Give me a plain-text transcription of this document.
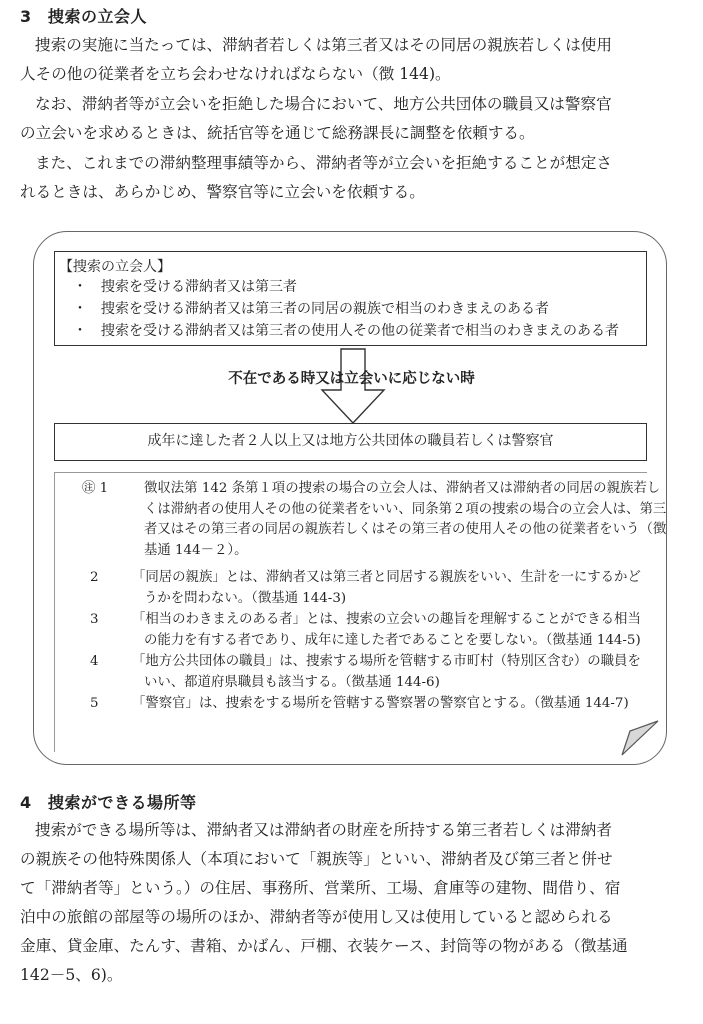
3 捜索の立会人
捜索の実施に当たっては、滞納者若しくは第三者又はその同居の親族若しくは使用
人その他の従業者を立ち会わせなければならない（徴 144)。
なお、滞納者等が立会いを拒絶した場合において、地方公共団体の職員又は警察官
の立会いを求めるときは、統括官等を通じて総務課長に調整を依頼する。
また、これまでの滞納整理事績等から、滞納者等が立会いを拒絶することが想定さ
れるときは、あらかじめ、警察官等に立会いを依頼する。
【捜索の立会人】
・ 捜索を受ける滞納者又は第三者
・ 捜索を受ける滞納者又は第三者の同居の親族で相当のわきまえのある者
・ 捜索を受ける滞納者又は第三者の使用人その他の従業者で相当のわきまえのある者
不在である時又は立会いに応じない時
成年に達した者２人以上又は地方公共団体の職員若しくは警察官
㊟ 1	徴収法第 142 条第１項の捜索の場合の立会人は、滞納者又は滞納者の同居の親族若し
くは滞納者の使用人その他の従業者をいい、同条第２項の捜索の場合の立会人は、第三
者又はその第三者の同居の親族若しくはその第三者の使用人その他の従業者をいう（徴
基通 144－２）。
2	「同居の親族」とは、滞納者又は第三者と同居する親族をいい、生計を一にするかど
うかを問わない。（徴基通 144-3)
3	「相当のわきまえのある者」とは、捜索の立会いの趣旨を理解することができる相当
の能力を有する者であり、成年に達した者であることを要しない。（徴基通 144-5)
4	「地方公共団体の職員」は、捜索する場所を管轄する市町村（特別区含む）の職員を
いい、都道府県職員も該当する。（徴基通 144-6)
5	「警察官」は、捜索をする場所を管轄する警察署の警察官とする。（徴基通 144-7)
4 捜索ができる場所等
捜索ができる場所等は、滞納者又は滞納者の財産を所持する第三者若しくは滞納者
の親族その他特殊関係人（本項において「親族等」といい、滞納者及び第三者と併せ
て「滞納者等」という。）の住居、事務所、営業所、工場、倉庫等の建物、間借り、宿
泊中の旅館の部屋等の場所のほか、滞納者等が使用し又は使用していると認められる
金庫、貸金庫、たんす、書箱、かばん、戸棚、衣装ケース、封筒等の物がある（徴基通
142－5、6)。
